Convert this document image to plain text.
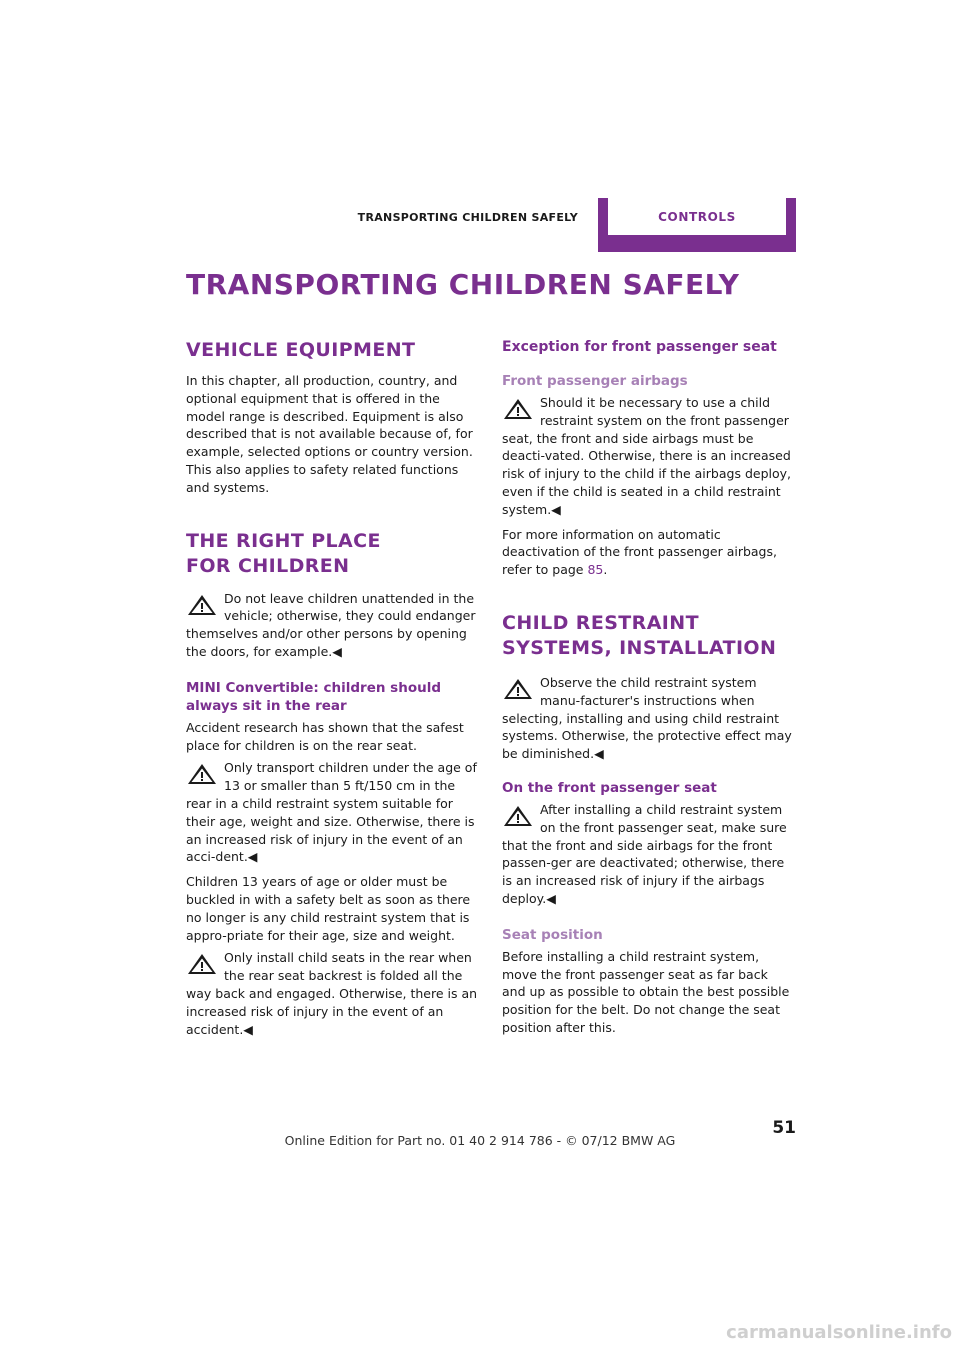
TRANSPORTING CHILDREN SAFELY	CONTROLS
TRANSPORTING CHILDREN SAFELY
VEHICLE EQUIPMENT

In this chapter, all production, country, and optional equipment that is offered in the model range is described. Equipment is also described that is not available because of, for example, selected options or country version. This also applies to safety related functions and systems.

THE RIGHT PLACE FOR CHILDREN

Do not leave children unattended in the vehicle; otherwise, they could endanger themselves and/or other persons by opening the doors, for example.◀

MINI Convertible: children should always sit in the rear

Accident research has shown that the safest place for children is on the rear seat.

Only transport children under the age of 13 or smaller than 5 ft/150 cm in the rear in a child restraint system suitable for their age, weight and size. Otherwise, there is an increased risk of injury in the event of an acci-dent.◀

Children 13 years of age or older must be buckled in with a safety belt as soon as there no longer is any child restraint system that is appro-priate for their age, size and weight.

Only install child seats in the rear when the rear seat backrest is folded all the way back and engaged. Otherwise, there is an increased risk of injury in the event of an accident.◀

Exception for front passenger seat
Front passenger airbags

Should it be necessary to use a child restraint system on the front passenger seat, the front and side airbags must be deacti-vated. Otherwise, there is an increased risk of injury to the child if the airbags deploy, even if the child is seated in a child restraint system.◀

For more information on automatic deactivation of the front passenger airbags, refer to page 85.

CHILD RESTRAINT SYSTEMS, INSTALLATION

Observe the child restraint system manu-facturer's instructions when selecting, installing and using child restraint systems. Otherwise, the protective effect may be diminished.◀

On the front passenger seat

After installing a child restraint system on the front passenger seat, make sure that the front and side airbags for the front passen-ger are deactivated; otherwise, there is an increased risk of injury if the airbags deploy.◀

Seat position

Before installing a child restraint system, move the front passenger seat as far back and up as possible to obtain the best possible position for the belt. Do not change the seat position after this.

51
Online Edition for Part no. 01 40 2 914 786 - © 07/12 BMW AG
carmanualsonline.info
